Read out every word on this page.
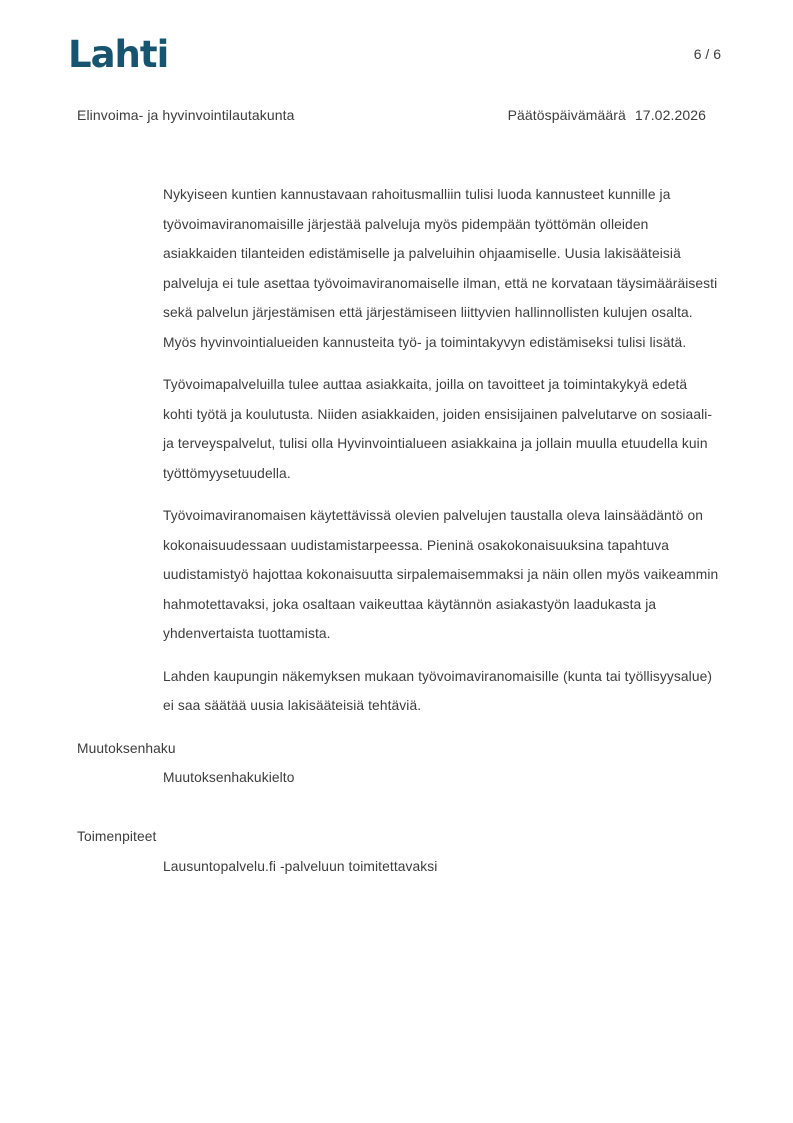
Lahti	6 / 6
Elinvoima- ja hyvinvointilautakunta	Päätöspäivämäärä 17.02.2026

Nykyiseen kuntien kannustavaan rahoitusmalliin tulisi luoda kannusteet kunnille ja työvoimaviranomaisille järjestää palveluja myös pidempään työttömän olleiden asiakkaiden tilanteiden edistämiselle ja palveluihin ohjaamiselle. Uusia lakisääteisiä palveluja ei tule asettaa työvoimaviranomaiselle ilman, että ne korvataan täysimääräisesti sekä palvelun järjestämisen että järjestämiseen liittyvien hallinnollisten kulujen osalta. Myös hyvinvointialueiden kannusteita työ- ja toimintakyvyn edistämiseksi tulisi lisätä.

Työvoimapalveluilla tulee auttaa asiakkaita, joilla on tavoitteet ja toimintakykyä edetä kohti työtä ja koulutusta. Niiden asiakkaiden, joiden ensisijainen palvelutarve on sosiaali- ja terveyspalvelut, tulisi olla Hyvinvointialueen asiakkaina ja jollain muulla etuudella kuin työttömyysetuudella.

Työvoimaviranomaisen käytettävissä olevien palvelujen taustalla oleva lainsäädäntö on kokonaisuudessaan uudistamistarpeessa. Pieninä osakokonaisuuksina tapahtuva uudistamistyö hajottaa kokonaisuutta sirpalemaisemmaksi ja näin ollen myös vaikeammin hahmotettavaksi, joka osaltaan vaikeuttaa käytännön asiakastyön laadukasta ja yhdenvertaista tuottamista.

Lahden kaupungin näkemyksen mukaan työvoimaviranomaisille (kunta tai työllisyysalue) ei saa säätää uusia lakisääteisiä tehtäviä.

Muutoksenhaku
Muutoksenhakukielto
Toimenpiteet
Lausuntopalvelu.fi -palveluun toimitettavaksi
